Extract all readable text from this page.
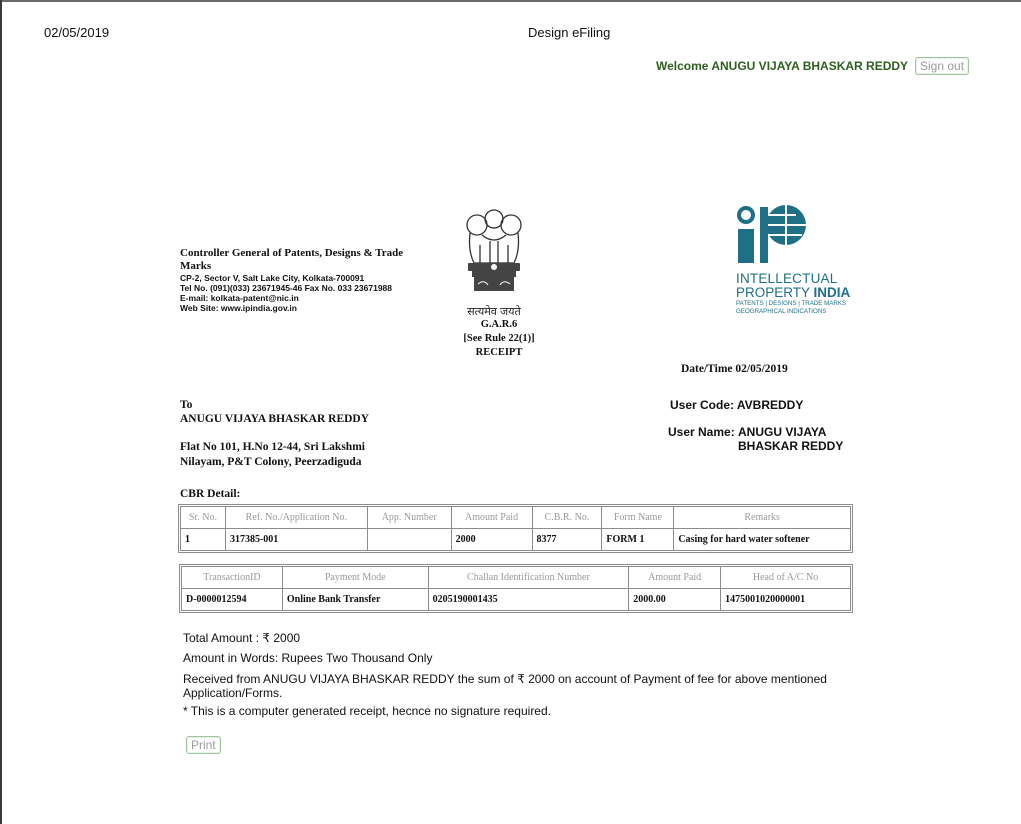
02/05/2019	Design eFiling
Welcome ANUGU VIJAYA BHASKAR REDDY Sign out
Controller General of Patents, Designs & Trade Marks
CP-2, Sector V, Salt Lake City, Kolkata-700091
Tel No. (091)(033) 23671945-46 Fax No. 033 23671988
E-mail: kolkata-patent@nic.in
Web Site: www.ipindia.gov.in	सत्यमेव जयते
G.A.R.6
[See Rule 22(1)]
RECEIPT
INTELLECTUAL
PROPERTY INDIA
PATENTS | DESIGNS | TRADE MARKS
GEOGRAPHICAL INDICATIONS
Date/Time 02/05/2019
To
ANUGU VIJAYA BHASKAR REDDY
Flat No 101, H.No 12-44, Sri Lakshmi
Nilayam, P&T Colony, Peerzadiguda
User Code: AVBREDDY
User Name: ANUGU VIJAYA
BHASKAR REDDY
CBR Detail:
Sr. No.	Ref. No./Application No.	App. Number	Amount Paid	C.B.R. No.	Form Name	Remarks
1	317385-001		2000	8377	FORM 1	Casing for hard water softener
TransactionID	Payment Mode	Challan Identification Number	Amount Paid	Head of A/C No
D-0000012594	Online Bank Transfer	0205190001435	2000.00	1475001020000001
Total Amount : ₹ 2000
Amount in Words: Rupees Two Thousand Only
Received from ANUGU VIJAYA BHASKAR REDDY the sum of ₹ 2000 on account of Payment of fee for above mentioned Application/Forms.
* This is a computer generated receipt, hecnce no signature required.
Print
